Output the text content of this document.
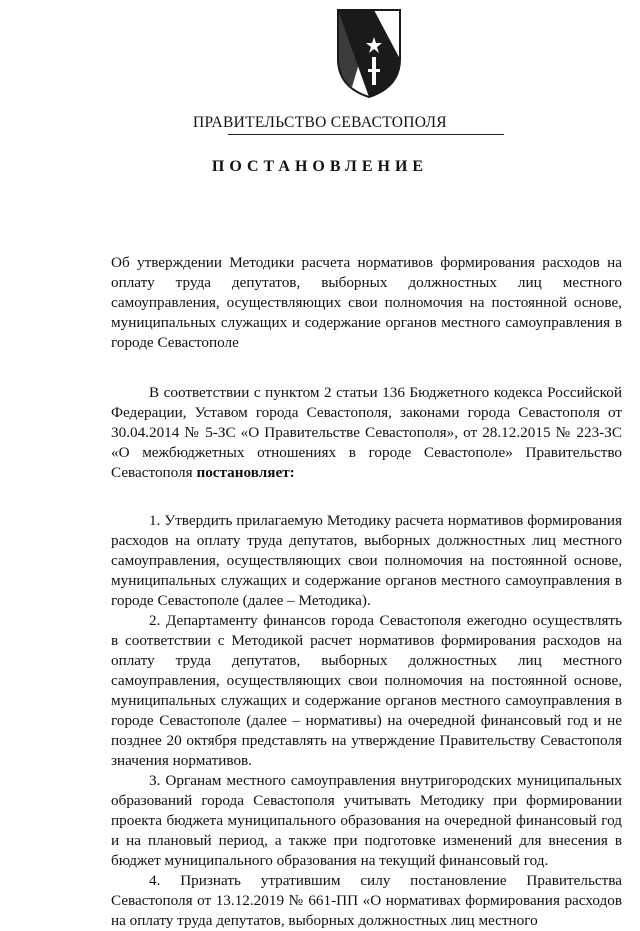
ПРАВИТЕЛЬСТВО СЕВАСТОПОЛЯ
ПОСТАНОВЛЕНИЕ

Об утверждении Методики расчета нормативов формирования расходов на оплату труда депутатов, выборных должностных лиц местного самоуправления, осуществляющих свои полномочия на постоянной основе, муниципальных служащих и содержание органов местного самоуправления в городе Севастополе

В соответствии с пунктом 2 статьи 136 Бюджетного кодекса Российской Федерации, Уставом города Севастополя, законами города Севастополя от 30.04.2014 № 5-ЗС «О Правительстве Севастополя», от 28.12.2015 № 223-ЗС «О межбюджетных отношениях в городе Севастополе» Правительство Севастополя постановляет:

1. Утвердить прилагаемую Методику расчета нормативов формирования расходов на оплату труда депутатов, выборных должностных лиц местного самоуправления, осуществляющих свои полномочия на постоянной основе, муниципальных служащих и содержание органов местного самоуправления в городе Севастополе (далее – Методика).

2. Департаменту финансов города Севастополя ежегодно осуществлять в соответствии с Методикой расчет нормативов формирования расходов на оплату труда депутатов, выборных должностных лиц местного самоуправления, осуществляющих свои полномочия на постоянной основе, муниципальных служащих и содержание органов местного самоуправления в городе Севастополе (далее – нормативы) на очередной финансовый год и не позднее 20 октября представлять на утверждение Правительству Севастополя значения нормативов.

3. Органам местного самоуправления внутригородских муниципальных образований города Севастополя учитывать Методику при формировании проекта бюджета муниципального образования на очередной финансовый год и на плановый период, а также при подготовке изменений для внесения в бюджет муниципального образования на текущий финансовый год.

4. Признать утратившим силу постановление Правительства Севастополя от 13.12.2019 № 661-ПП «О нормативах формирования расходов на оплату труда депутатов, выборных должностных лиц местного
